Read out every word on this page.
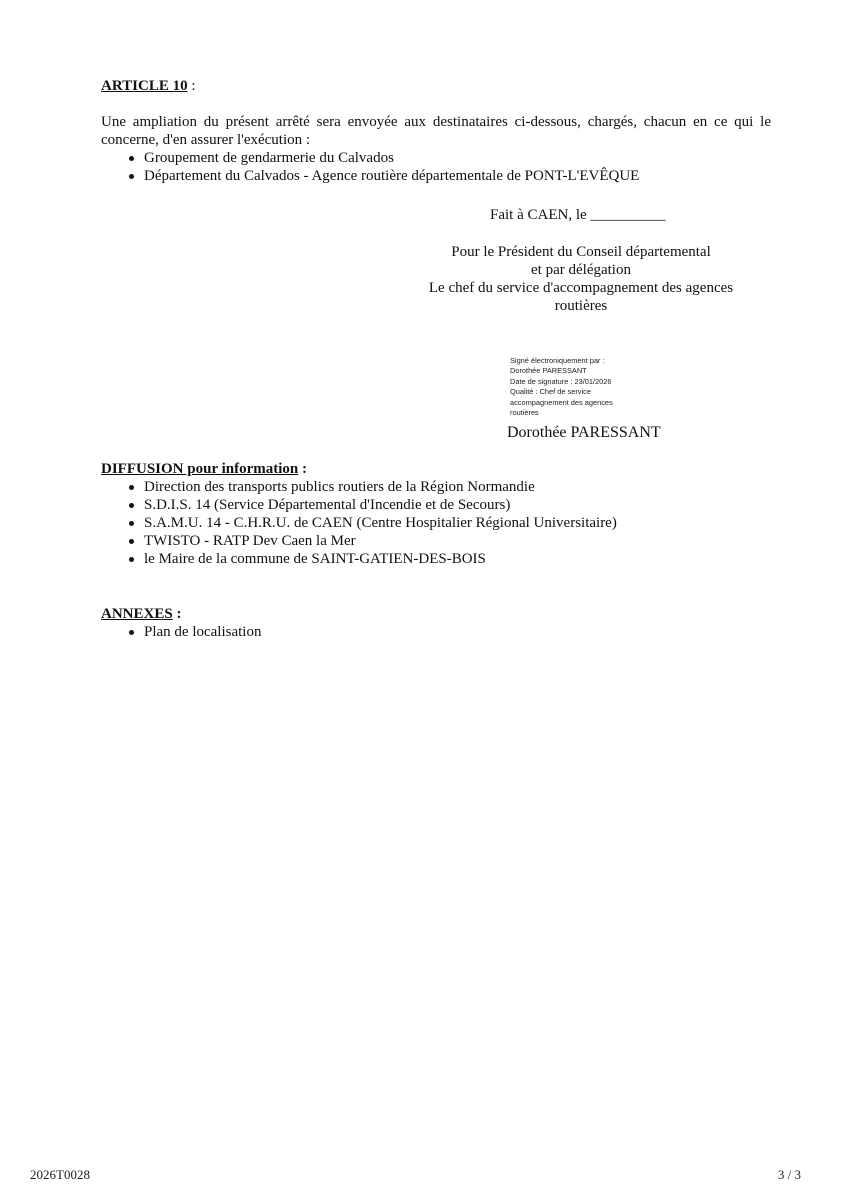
ARTICLE 10 :
Une ampliation du présent arrêté sera envoyée aux destinataires ci-dessous, chargés, chacun en ce qui le concerne, d'en assurer l'exécution :
Groupement de gendarmerie du Calvados
Département du Calvados - Agence routière départementale de PONT-L'EVÊQUE
Fait à CAEN, le __________
Pour le Président du Conseil départemental
et par délégation
Le chef du service d'accompagnement des agences
routières
Signé électroniquement par :
Dorothée PARESSANT
Date de signature : 23/01/2026
Qualité : Chef de service
accompagnement des agences
routières
Dorothée PARESSANT
DIFFUSION pour information :
Direction des transports publics routiers de la Région Normandie
S.D.I.S. 14 (Service Départemental d'Incendie et de Secours)
S.A.M.U. 14 - C.H.R.U. de CAEN (Centre Hospitalier Régional Universitaire)
TWISTO - RATP Dev Caen la Mer
le Maire de la commune de SAINT-GATIEN-DES-BOIS
ANNEXES :
Plan de localisation
2026T0028	3 / 3
